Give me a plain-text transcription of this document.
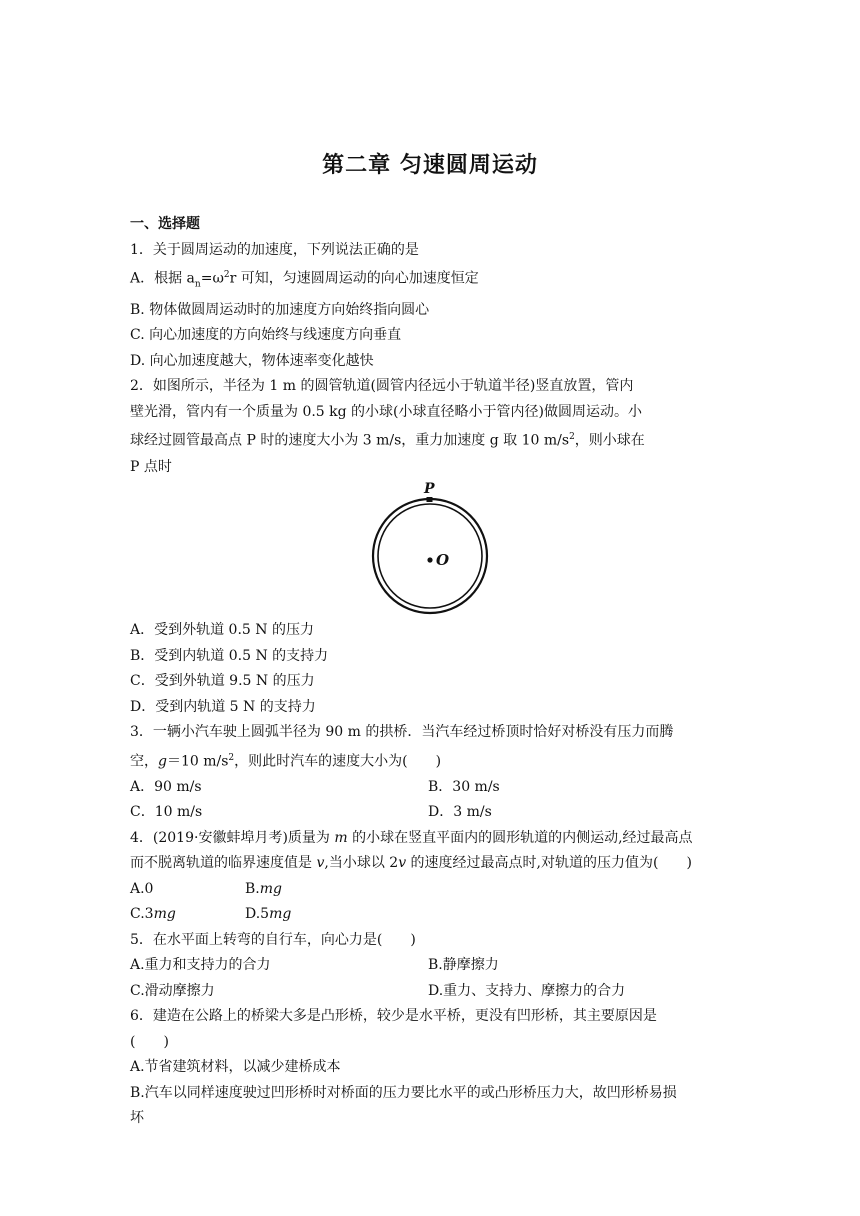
第二章 匀速圆周运动
一、选择题

1．关于圆周运动的加速度，下列说法正确的是

A．根据 $a_n=\omega^2r$ 可知，匀速圆周运动的向心加速度恒定

B. 物体做圆周运动时的加速度方向始终指向圆心

C. 向心加速度的方向始终与线速度方向垂直

D. 向心加速度越大，物体速率变化越快

2．如图所示，半径为 1 m 的圆管轨道(圆管内径远小于轨道半径)竖直放置，管内

壁光滑，管内有一个质量为 0.5 kg 的小球(小球直径略小于管内径)做圆周运动。小

球经过圆管最高点 P 时的速度大小为 3 m/s，重力加速度 g 取 10 $m/s^2$，则小球在

P 点时

P
O

A．受到外轨道 0.5 N 的压力

B．受到内轨道 0.5 N 的支持力

C．受到外轨道 9.5 N 的压力

D．受到内轨道 5 N 的支持力

3．一辆小汽车驶上圆弧半径为 90 m 的拱桥．当汽车经过桥顶时恰好对桥没有压力而腾

空，g＝10 $m/s^2$，则此时汽车的速度大小为(　　)

A．90 m/s	B．30 m/s

C．10 m/s	D．3 m/s

4．(2019·安徽蚌埠月考)质量为 m 的小球在竖直平面内的圆形轨道的内侧运动,经过最高点

而不脱离轨道的临界速度值是 v,当小球以 2v 的速度经过最高点时,对轨道的压力值为(　　)

A.0	B.mg

C.3mg	D.5mg

5．在水平面上转弯的自行车，向心力是(　　)

A.重力和支持力的合力	B.静摩擦力

C.滑动摩擦力	D.重力、支持力、摩擦力的合力

6．建造在公路上的桥梁大多是凸形桥，较少是水平桥，更没有凹形桥，其主要原因是

(　　)

A.节省建筑材料，以减少建桥成本

B.汽车以同样速度驶过凹形桥时对桥面的压力要比水平的或凸形桥压力大，故凹形桥易损

坏
